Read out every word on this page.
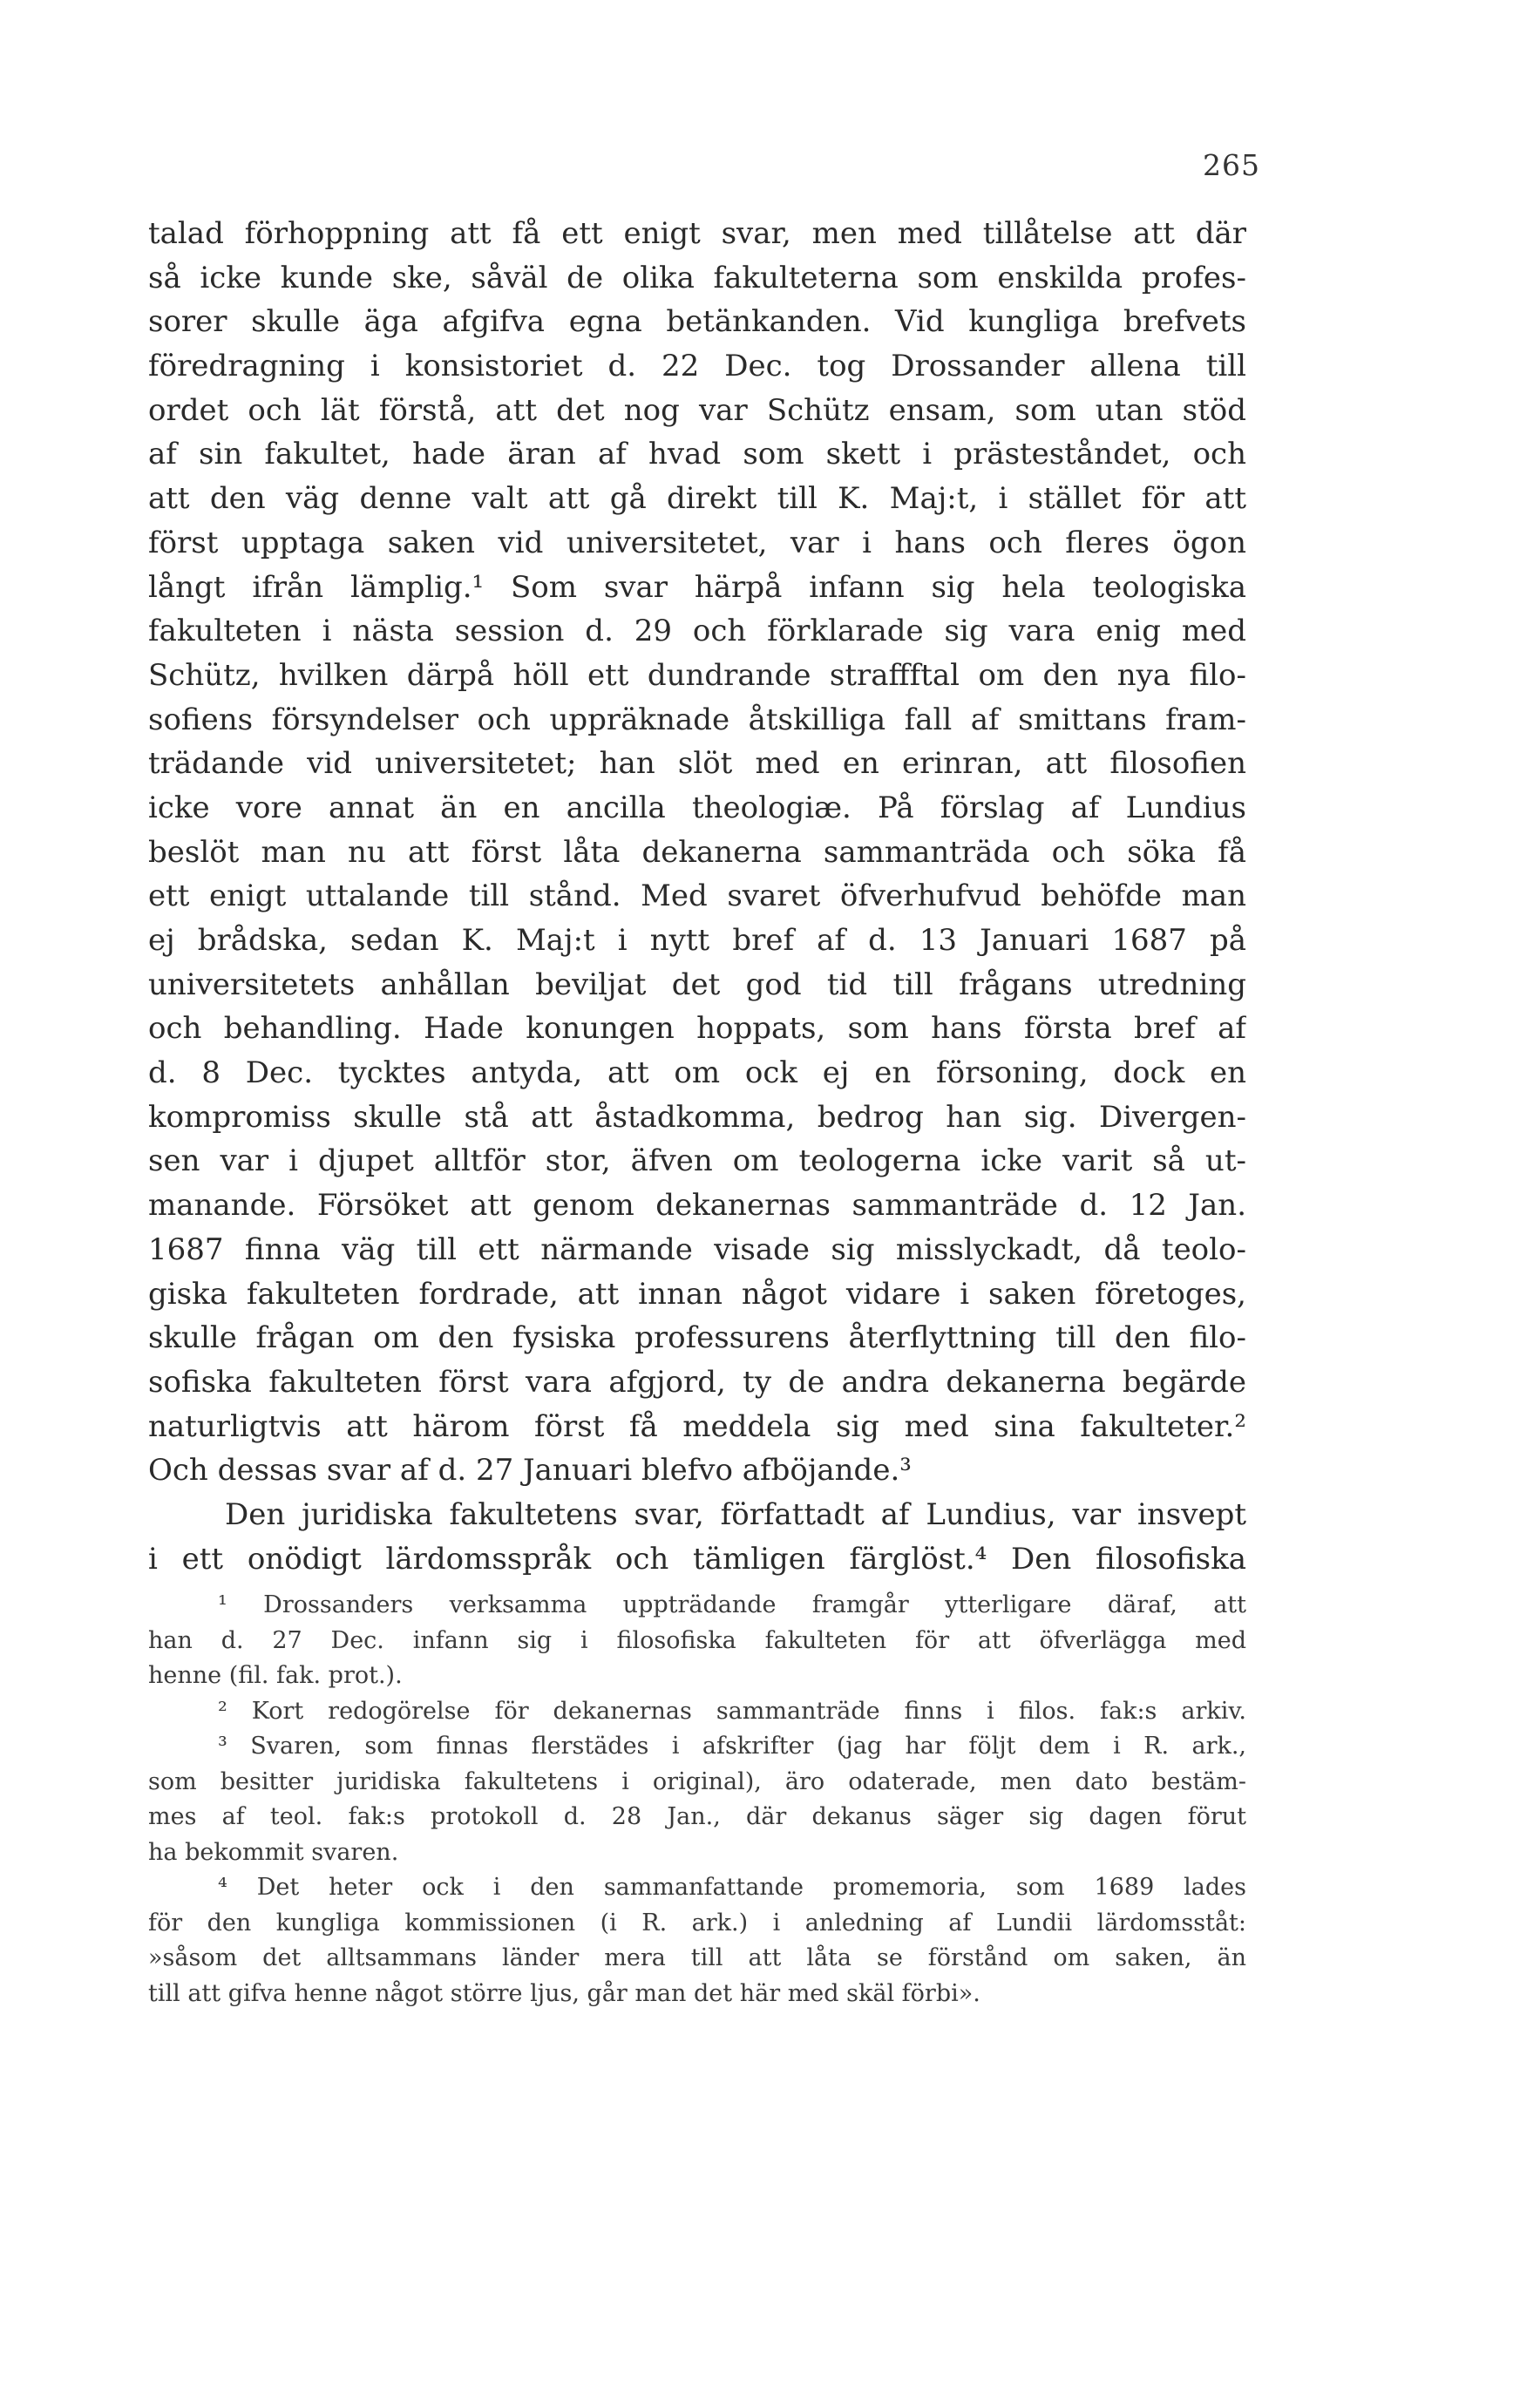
265
talad förhoppning att få ett enigt svar, men med tillåtelse att där
så icke kunde ske, såväl de olika fakulteterna som enskilda profes-
sorer skulle äga afgifva egna betänkanden. Vid kungliga brefvets
föredragning i konsistoriet d. 22 Dec. tog Drossander allena till
ordet och lät förstå, att det nog var Schütz ensam, som utan stöd
af sin fakultet, hade äran af hvad som skett i prästeståndet, och
att den väg denne valt att gå direkt till K. Maj:t, i stället för att
först upptaga saken vid universitetet, var i hans och fleres ögon
långt ifrån lämplig.¹ Som svar härpå infann sig hela teologiska
fakulteten i nästa session d. 29 och förklarade sig vara enig med
Schütz, hvilken därpå höll ett dundrande straffftal om den nya filo-
sofiens försyndelser och uppräknade åtskilliga fall af smittans fram-
trädande vid universitetet; han slöt med en erinran, att filosofien
icke vore annat än en ancilla theologiæ. På förslag af Lundius
beslöt man nu att först låta dekanerna sammanträda och söka få
ett enigt uttalande till stånd. Med svaret öfverhufvud behöfde man
ej brådska, sedan K. Maj:t i nytt bref af d. 13 Januari 1687 på
universitetets anhållan beviljat det god tid till frågans utredning
och behandling. Hade konungen hoppats, som hans första bref af
d. 8 Dec. tycktes antyda, att om ock ej en försoning, dock en
kompromiss skulle stå att åstadkomma, bedrog han sig. Divergen-
sen var i djupet alltför stor, äfven om teologerna icke varit så ut-
manande. Försöket att genom dekanernas sammanträde d. 12 Jan.
1687 finna väg till ett närmande visade sig misslyckadt, då teolo-
giska fakulteten fordrade, att innan något vidare i saken företoges,
skulle frågan om den fysiska professurens återflyttning till den filo-
sofiska fakulteten först vara afgjord, ty de andra dekanerna begärde
naturligtvis att härom först få meddela sig med sina fakulteter.²
Och dessas svar af d. 27 Januari blefvo afböjande.³
Den juridiska fakultetens svar, författadt af Lundius, var insvept
i ett onödigt lärdomsspråk och tämligen färglöst.⁴ Den filosofiska
¹ Drossanders verksamma uppträdande framgår ytterligare däraf, att
han d. 27 Dec. infann sig i filosofiska fakulteten för att öfverlägga med
henne (fil. fak. prot.).
² Kort redogörelse för dekanernas sammanträde finns i filos. fak:s arkiv.
³ Svaren, som finnas flerstädes i afskrifter (jag har följt dem i R. ark.,
som besitter juridiska fakultetens i original), äro odaterade, men dato bestäm-
mes af teol. fak:s protokoll d. 28 Jan., där dekanus säger sig dagen förut
ha bekommit svaren.
⁴ Det heter ock i den sammanfattande promemoria, som 1689 lades
för den kungliga kommissionen (i R. ark.) i anledning af Lundii lärdomsståt:
»såsom det alltsammans länder mera till att låta se förstånd om saken, än
till att gifva henne något större ljus, går man det här med skäl förbi».
